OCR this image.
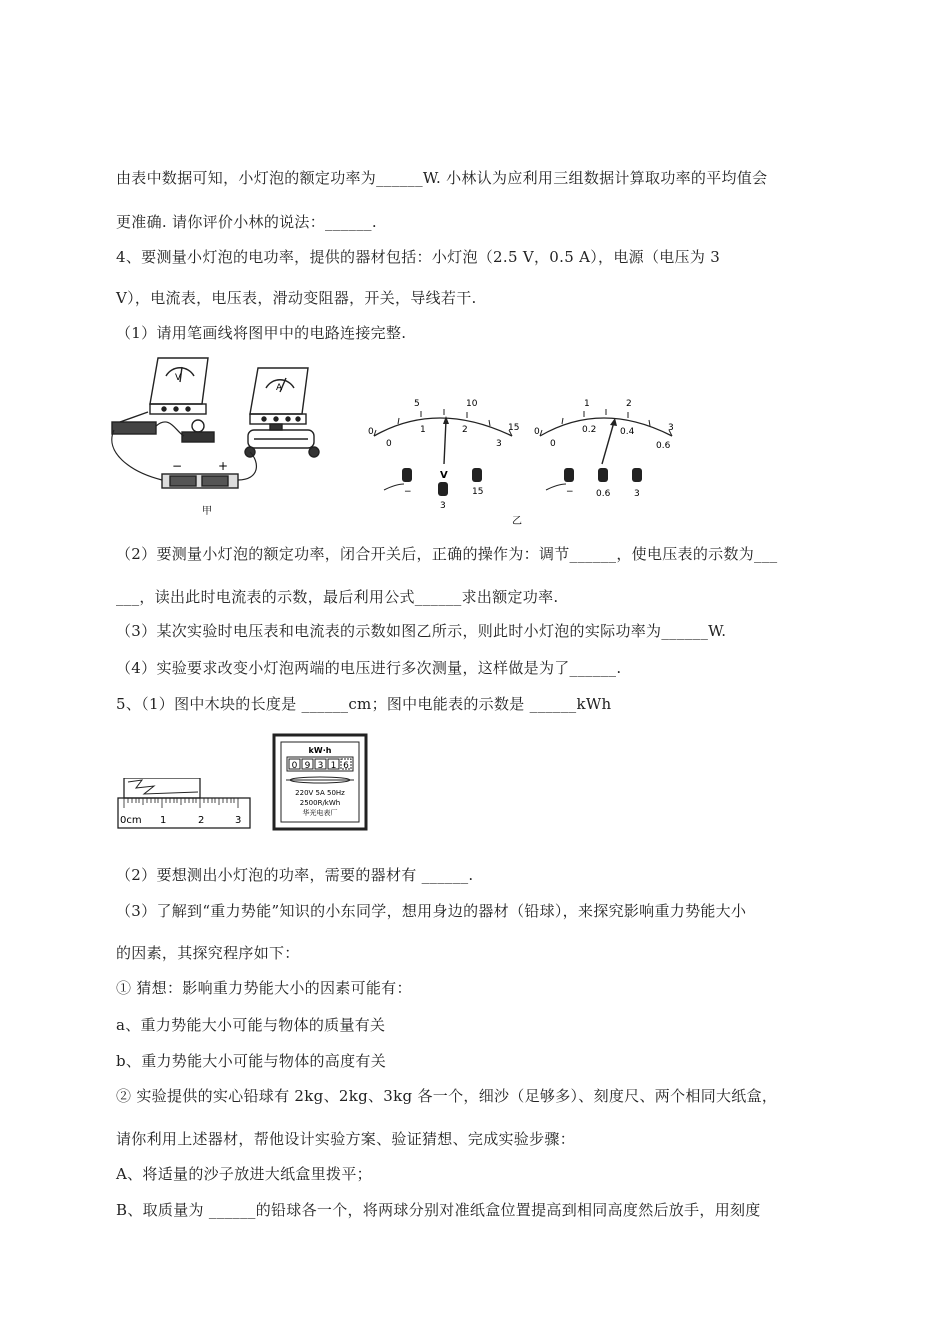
由表中数据可知，小灯泡的额定功率为______W. 小林认为应利用三组数据计算取功率的平均值会
更准确. 请你评价小林的说法：______.
4、要测量小灯泡的电功率，提供的器材包括：小灯泡（2.5 V，0.5 A），电源（电压为 3
V），电流表，电压表，滑动变阻器，开关，导线若干.
（1）请用笔画线将图甲中的电路连接完整.
V
A
−	+
甲
0
5	10
15
0
1	2
3
V
−
3
15
0
1	2
3
0
0.2	0.4
0.6
− 0.6	3
乙
（2）要测量小灯泡的额定功率，闭合开关后，正确的操作为：调节______，使电压表的示数为___
___，读出此时电流表的示数，最后利用公式______求出额定功率.
（3）某次实验时电压表和电流表的示数如图乙所示，则此时小灯泡的实际功率为______W.
（4）实验要求改变小灯泡两端的电压进行多次测量，这样做是为了______.
5、（1）图中木块的长度是 ______cm；图中电能表的示数是 ______kWh
0cm 1	2	3
kW·h
0 9 3 1 6
220V 5A 50Hz
2500R/kWh
华光电表厂
（2）要想测出小灯泡的功率，需要的器材有 ______.
（3）了解到“重力势能”知识的小东同学，想用身边的器材（铅球），来探究影响重力势能大小
的因素，其探究程序如下：
① 猜想：影响重力势能大小的因素可能有：
a、重力势能大小可能与物体的质量有关
b、重力势能大小可能与物体的高度有关
② 实验提供的实心铅球有 2kg、2kg、3kg 各一个，细沙（足够多）、刻度尺、两个相同大纸盒，
请你利用上述器材，帮他设计实验方案、验证猜想、完成实验步骤：
A、将适量的沙子放进大纸盒里拨平；
B、取质量为 ______的铅球各一个，将两球分别对准纸盒位置提高到相同高度然后放手，用刻度
